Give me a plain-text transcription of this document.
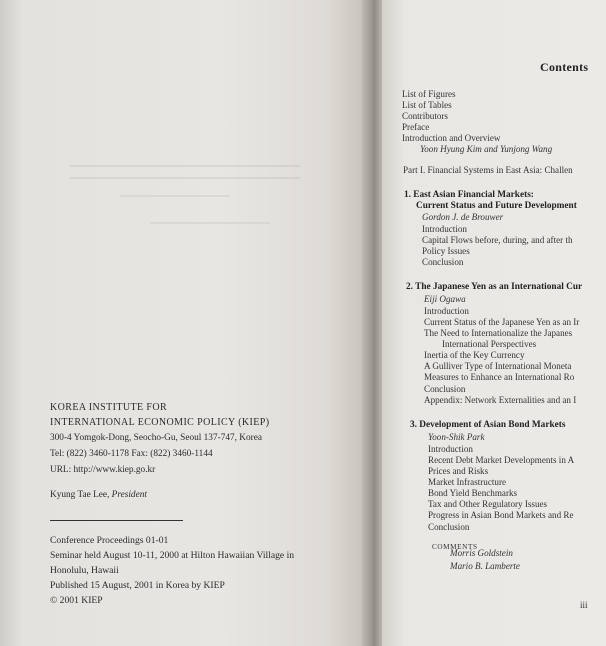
KOREA INSTITUTE FOR
INTERNATIONAL ECONOMIC POLICY (KIEP)
300-4 Yomgok-Dong, Seocho-Gu, Seoul 137-747, Korea
Tel: (822) 3460-1178 Fax: (822) 3460-1144
URL: http://www.kiep.go.kr
Kyung Tae Lee, President
Conference Proceedings 01-01
Seminar held August 10-11, 2000 at Hilton Hawaiian Village in
Honolulu, Hawaii
Published 15 August, 2001 in Korea by KIEP
© 2001 KIEP
Contents
List of Figures
List of Tables
Contributors
Preface
Introduction and Overview
Yoon Hyung Kim and Yunjong Wang
Part I. Financial Systems in East Asia: Challen
1. East Asian Financial Markets:
Current Status and Future Development
Gordon J. de Brouwer
Introduction
Capital Flows before, during, and after th
Policy Issues
Conclusion
2. The Japanese Yen as an International Cur
Eiji Ogawa
Introduction
Current Status of the Japanese Yen as an Ir
The Need to Internationalize the Japanes
International Perspectives
Inertia of the Key Currency
A Gulliver Type of International Moneta
Measures to Enhance an International Ro
Conclusion
Appendix: Network Externalities and an I
3. Development of Asian Bond Markets
Yoon-Shik Park
Introduction
Recent Debt Market Developments in A
Prices and Risks
Market Infrastructure
Bond Yield Benchmarks
Tax and Other Regulatory Issues
Progress in Asian Bond Markets and Re
Conclusion
COMMENTS
Morris Goldstein
Mario B. Lamberte
iii
